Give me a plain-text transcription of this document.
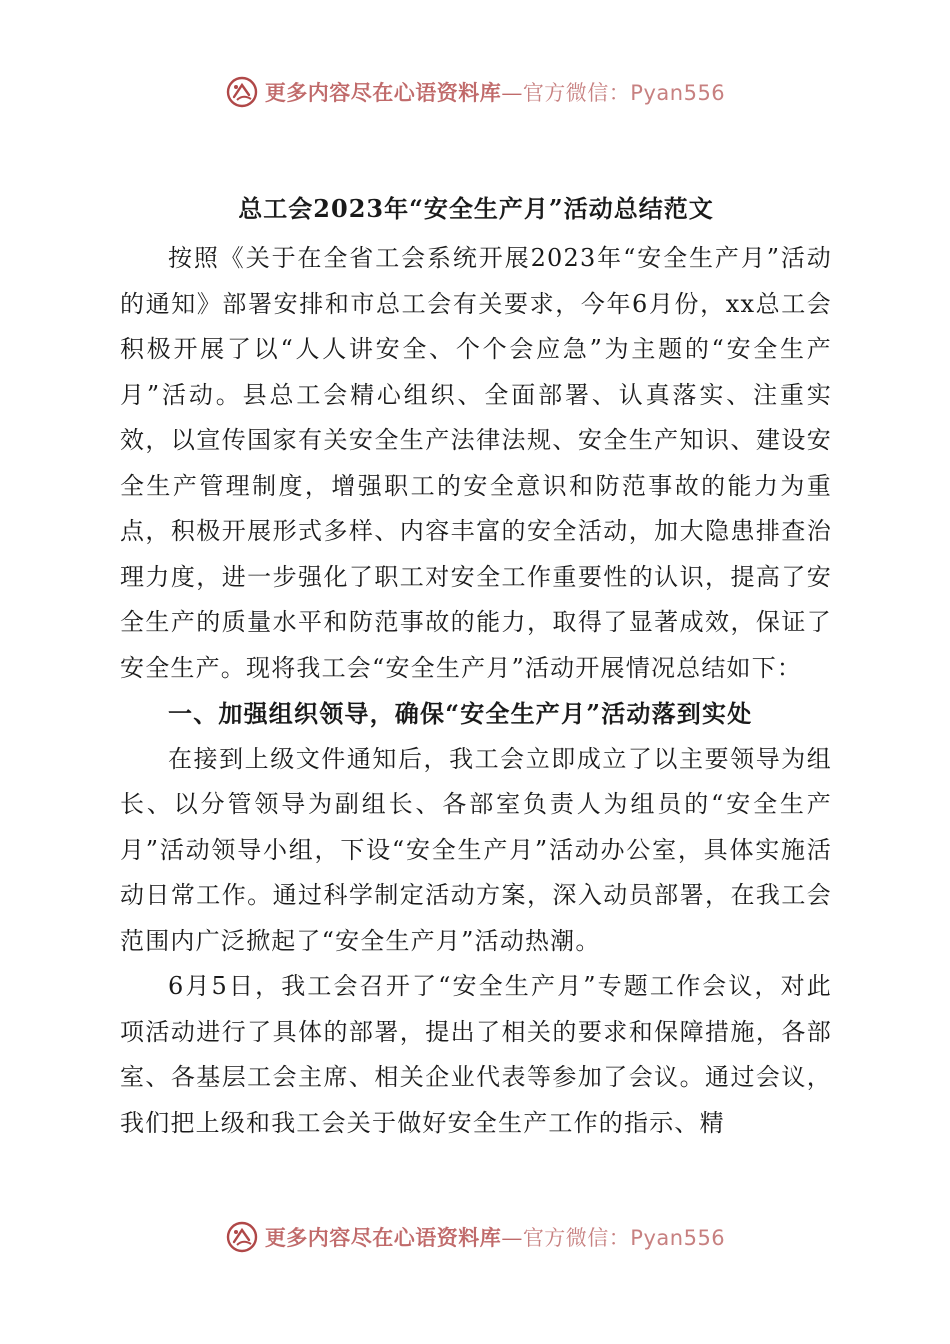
更多内容尽在心语资料库—官方微信：Pyan556
总工会2023年“安全生产月”活动总结范文

按照《关于在全省工会系统开展2023年“安全生产月”活动的通知》部署安排和市总工会有关要求，今年6月份，xx总工会积极开展了以“人人讲安全、个个会应急”为主题的“安全生产月”活动。县总工会精心组织、全面部署、认真落实、注重实效，以宣传国家有关安全生产法律法规、安全生产知识、建设安全生产管理制度，增强职工的安全意识和防范事故的能力为重点，积极开展形式多样、内容丰富的安全活动，加大隐患排查治理力度，进一步强化了职工对安全工作重要性的认识，提高了安全生产的质量水平和防范事故的能力，取得了显著成效，保证了安全生产。现将我工会“安全生产月”活动开展情况总结如下：

一、加强组织领导，确保“安全生产月”活动落到实处

在接到上级文件通知后，我工会立即成立了以主要领导为组长、以分管领导为副组长、各部室负责人为组员的“安全生产月”活动领导小组，下设“安全生产月”活动办公室，具体实施活动日常工作。通过科学制定活动方案，深入动员部署，在我工会范围内广泛掀起了“安全生产月”活动热潮。

6月5日，我工会召开了“安全生产月”专题工作会议，对此项活动进行了具体的部署，提出了相关的要求和保障措施，各部室、各基层工会主席、相关企业代表等参加了会议。通过会议，我们把上级和我工会关于做好安全生产工作的指示、精

更多内容尽在心语资料库—官方微信：Pyan556
